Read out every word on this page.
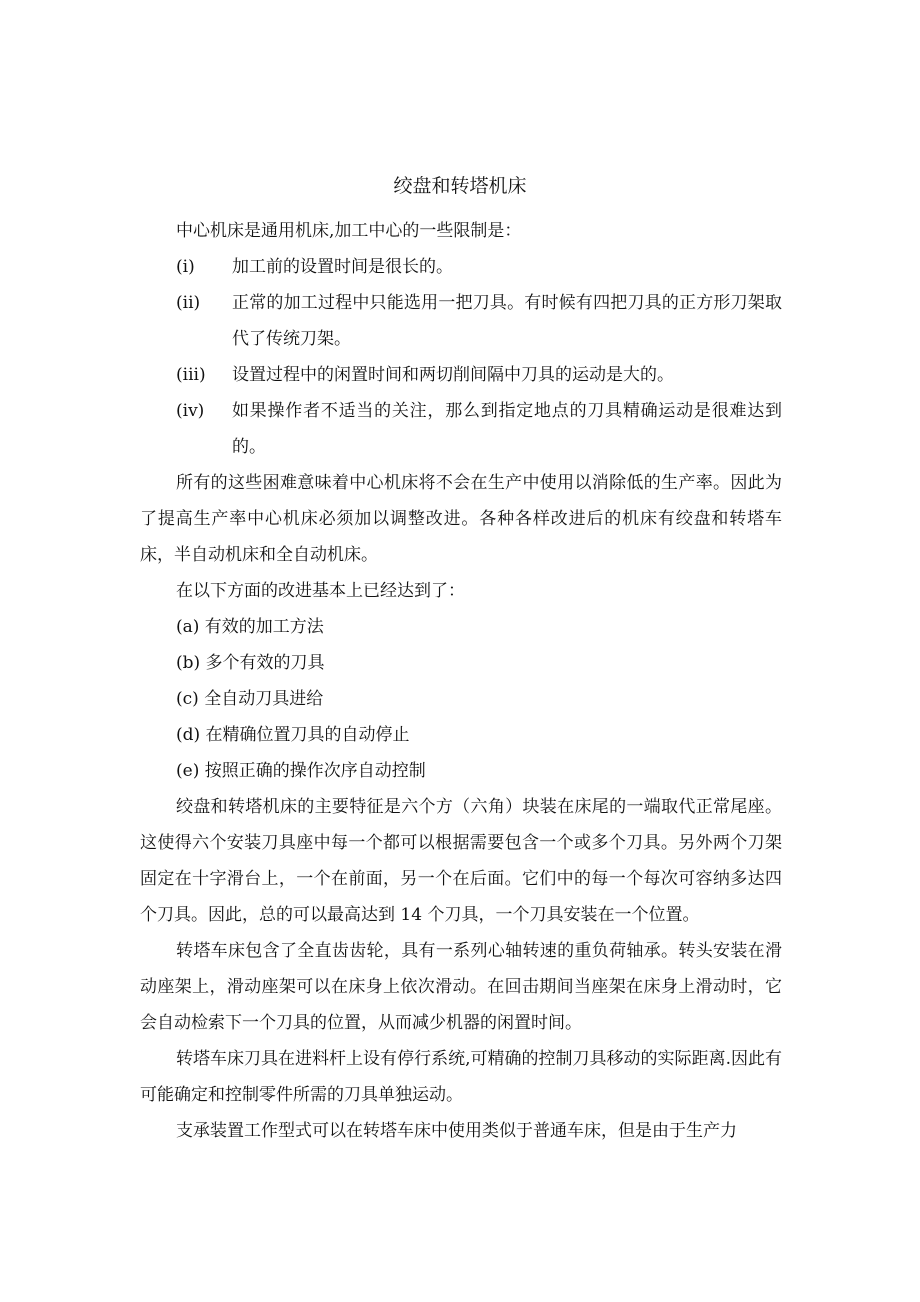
绞盘和转塔机床

中心机床是通用机床,加工中心的一些限制是：

(i)	加工前的设置时间是很长的。
(ii)	正常的加工过程中只能选用一把刀具。有时候有四把刀具的正方形刀架取代了传统刀架。
(iii)	设置过程中的闲置时间和两切削间隔中刀具的运动是大的。
(iv)	如果操作者不适当的关注，那么到指定地点的刀具精确运动是很难达到的。

所有的这些困难意味着中心机床将不会在生产中使用以消除低的生产率。因此为了提高生产率中心机床必须加以调整改进。各种各样改进后的机床有绞盘和转塔车床，半自动机床和全自动机床。

在以下方面的改进基本上已经达到了：

(a) 有效的加工方法

(b) 多个有效的刀具

(c) 全自动刀具进给

(d) 在精确位置刀具的自动停止

(e) 按照正确的操作次序自动控制

绞盘和转塔机床的主要特征是六个方（六角）块装在床尾的一端取代正常尾座。这使得六个安装刀具座中每一个都可以根据需要包含一个或多个刀具。另外两个刀架固定在十字滑台上，一个在前面，另一个在后面。它们中的每一个每次可容纳多达四个刀具。因此，总的可以最高达到 14 个刀具，一个刀具安装在一个位置。

转塔车床包含了全直齿齿轮，具有一系列心轴转速的重负荷轴承。转头安装在滑动座架上，滑动座架可以在床身上依次滑动。在回击期间当座架在床身上滑动时，它会自动检索下一个刀具的位置，从而减少机器的闲置时间。

转塔车床刀具在进料杆上设有停行系统,可精确的控制刀具移动的实际距离.因此有可能确定和控制零件所需的刀具单独运动。

支承装置工作型式可以在转塔车床中使用类似于普通车床，但是由于生产力
